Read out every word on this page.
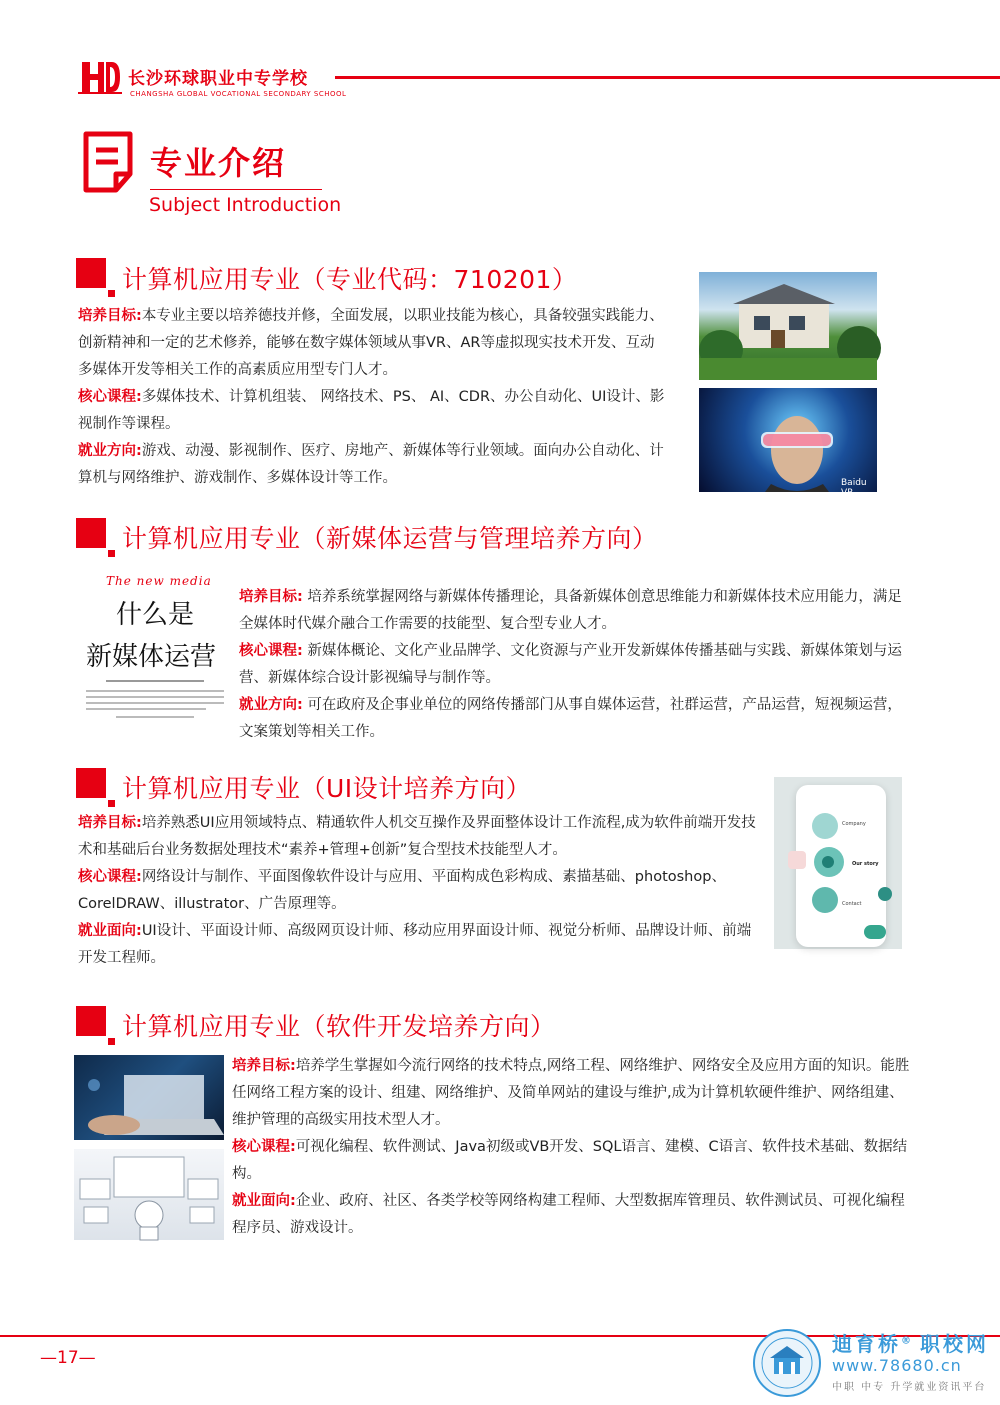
长沙环球职业中专学校
CHANGSHA GLOBAL VOCATIONAL SECONDARY SCHOOL
专业介绍
Subject Introduction
计算机应用专业（专业代码：710201）

培养目标:本专业主要以培养德技并修，全面发展，以职业技能为核心，具备较强实践能力、创新精神和一定的艺术修养，能够在数字媒体领域从事VR、AR等虚拟现实技术开发、互动多媒体开发等相关工作的高素质应用型专门人才。

核心课程:多媒体技术、计算机组装、 网络技术、PS、 AI、CDR、办公自动化、UI设计、影视制作等课程。

就业方向:游戏、动漫、影视制作、医疗、房地产、新媒体等行业领域。面向办公自动化、计算机与网络维护、游戏制作、多媒体设计等工作。	Baidu VR
计算机应用专业（新媒体运营与管理培养方向）
The new media
什么是
新媒体运营

培养目标: 培养系统掌握网络与新媒体传播理论，具备新媒体创意思维能力和新媒体技术应用能力，满足全媒体时代媒介融合工作需要的技能型、复合型专业人才。

核心课程: 新媒体概论、文化产业品牌学、文化资源与产业开发新媒体传播基础与实践、新媒体策划与运营、新媒体综合设计影视编导与制作等。

就业方向: 可在政府及企事业单位的网络传播部门从事自媒体运营，社群运营，产品运营，短视频运营，文案策划等相关工作。

计算机应用专业（UI设计培养方向）

培养目标:培养熟悉UI应用领域特点、精通软件人机交互操作及界面整体设计工作流程,成为软件前端开发技术和基础后台业务数据处理技术“素养+管理+创新”复合型技术技能型人才。

核心课程:网络设计与制作、平面图像软件设计与应用、平面构成色彩构成、素描基础、photoshop、CorelDRAW、illustrator、广告原理等。

就业面向:UI设计、平面设计师、高级网页设计师、移动应用界面设计师、视觉分析师、品牌设计师、前端开发工程师。

Company
Our story
Contact
计算机应用专业（软件开发培养方向）

培养目标:培养学生掌握如今流行网络的技术特点,网络工程、网络维护、网络安全及应用方面的知识。能胜任网络工程方案的设计、组建、网络维护、及简单网站的建设与维护,成为计算机软硬件维护、网络组建、维护管理的高级实用技术型人才。

核心课程:可视化编程、软件测试、Java初级或VB开发、SQL语言、建模、C语言、软件技术基础、数据结构。

就业面向:企业、政府、社区、各类学校等网络构建工程师、大型数据库管理员、软件测试员、可视化编程程序员、游戏设计。

—17—
迪育桥® 职校网
www.78680.cn
中职 中专 升学就业资讯平台
